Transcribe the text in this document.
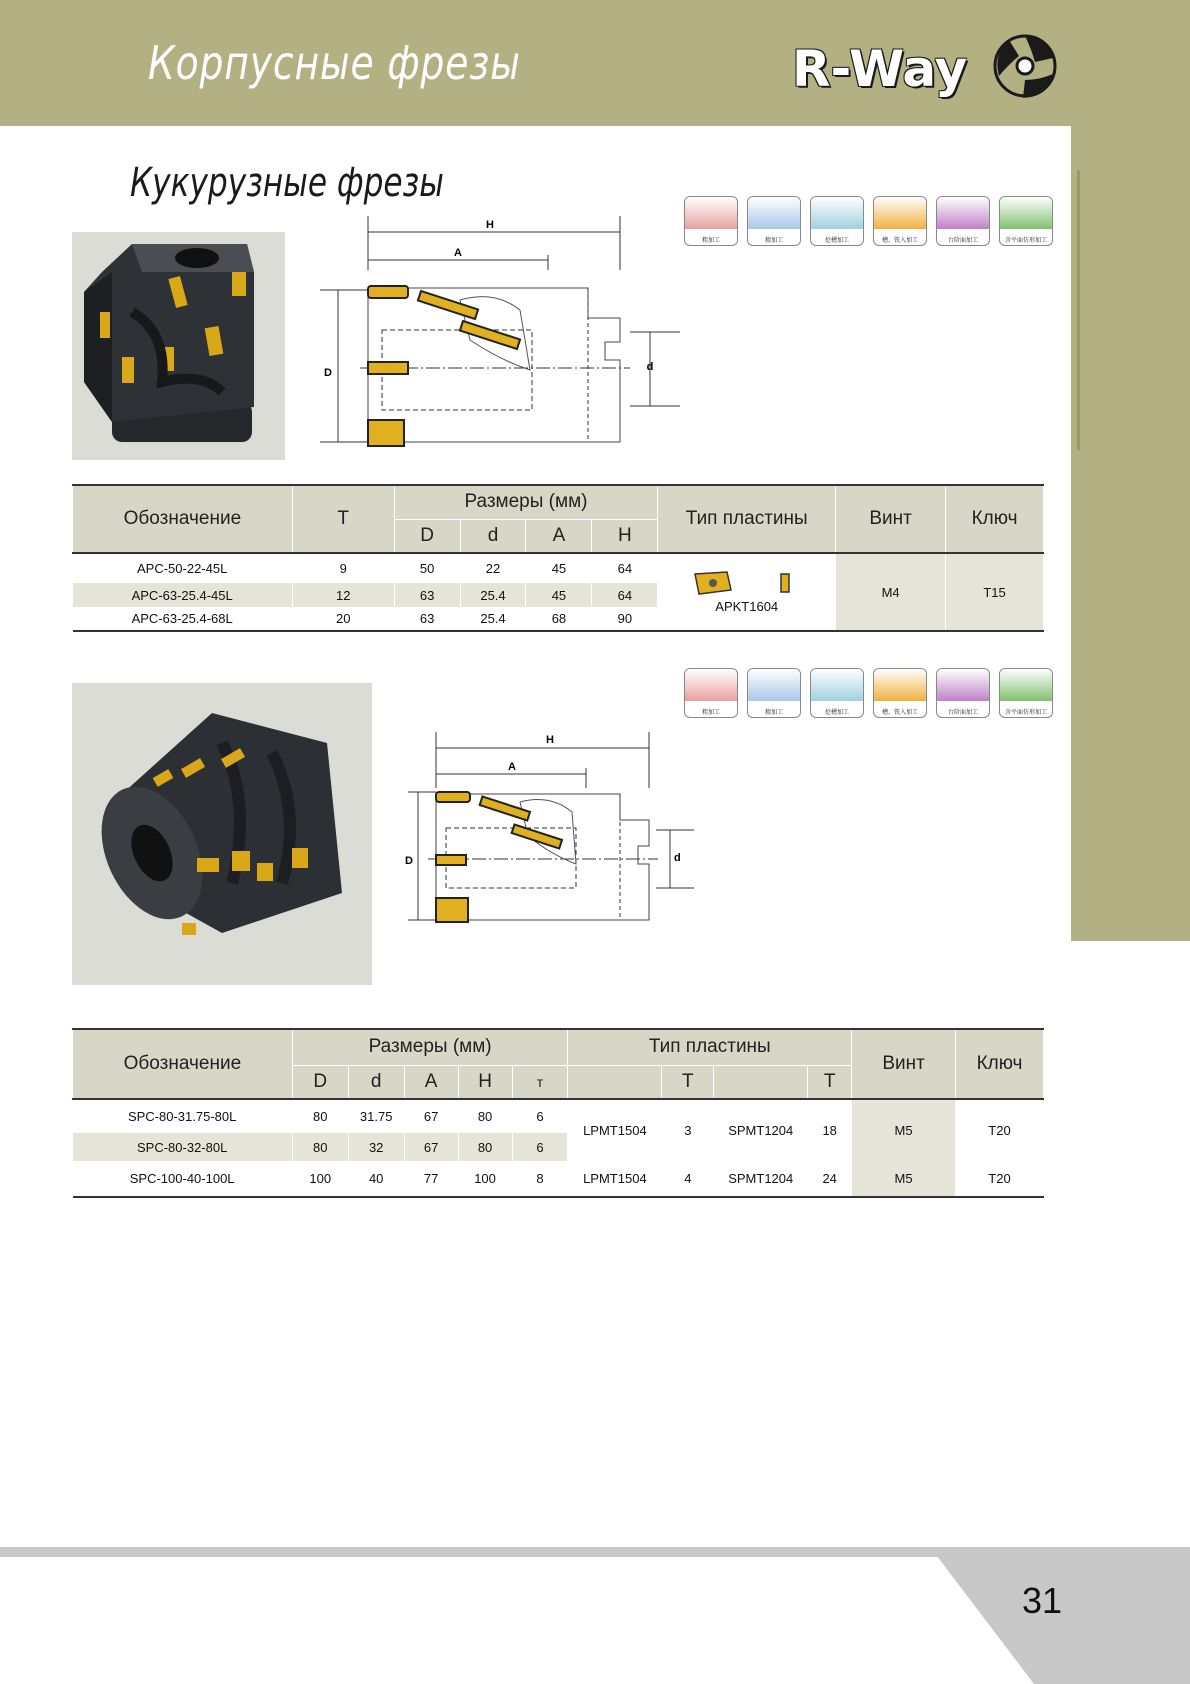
Корпусные фрезы	R-Way
Кукурузные фрезы
H
A
D	d
粗加工	精加工	挖槽加工	槽、铣入加工	台阶面加工	含平面仿形加工
Обозначение	T	Размеры (мм)				Тип пластины	Винт	Ключ
		D	d	A	H			
APC-50-22-45L	9	50	22	45	64	APKT1604	M4	T15
APC-63-25.4-45L	12	63	25.4	45	64			
APC-63-25.4-68L	20	63	25.4	68	90			
粗加工	精加工	挖槽加工	槽、铣入加工	台阶面加工	含平面仿形加工
H
A
D	d
Обозначение	Размеры (мм)					Тип пластины				Винт	Ключ
	D	d	A	H	т		T		T		
SPC-80-31.75-80L	80	31.75	67	80	6	LPMT1504	3	SPMT1204	18	M5	T20
SPC-80-32-80L	80	32	67	80	6						
SPC-100-40-100L	100	40	77	100	8	LPMT1504	4	SPMT1204	24	M5	T20
31
